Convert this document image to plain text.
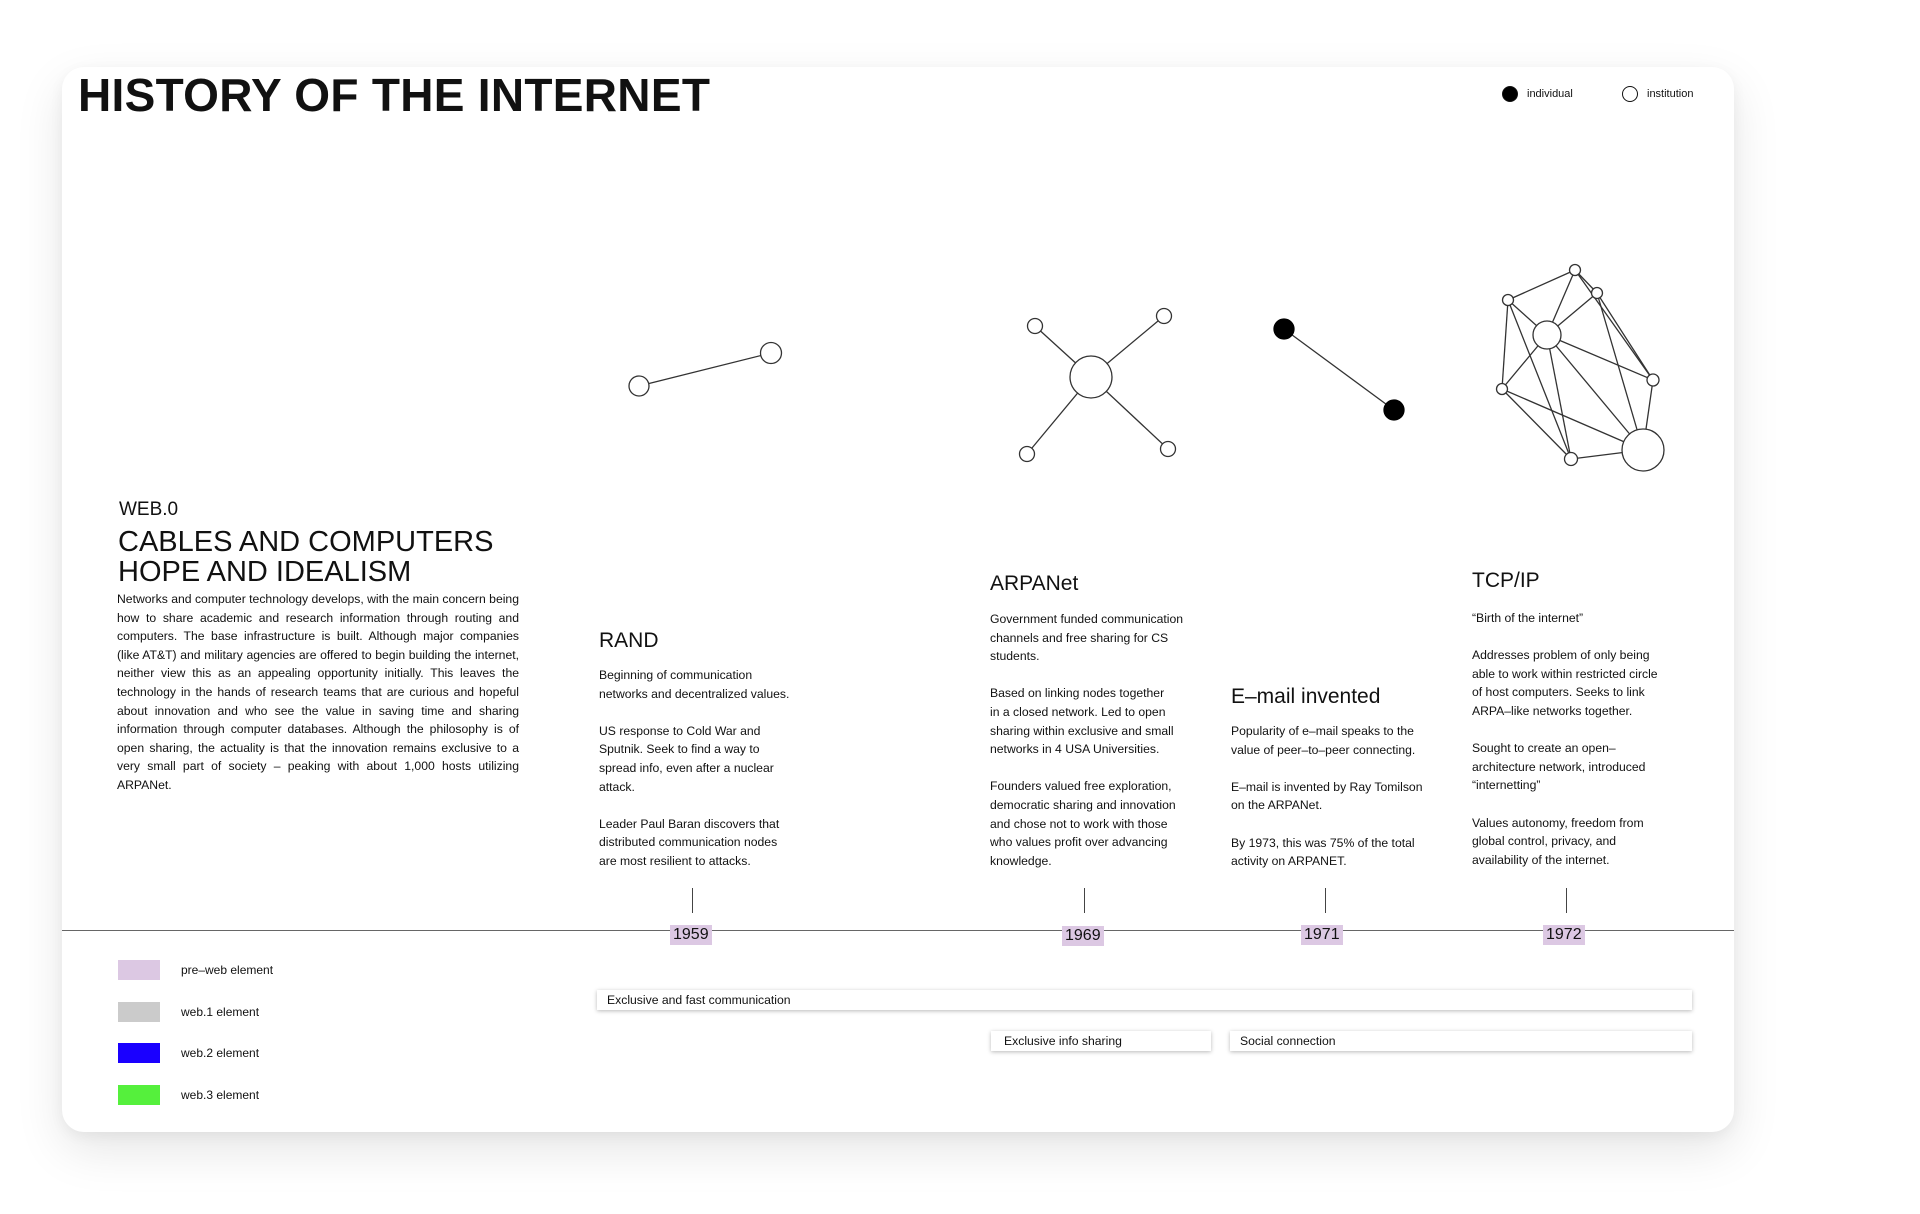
HISTORY OF THE INTERNET	individual	institution
WEB.0
CABLES AND COMPUTERS HOPE AND IDEALISM
Networks and computer technology develops, with the main concern being how to share academic and research information through routing and computers. The base infrastructure is built. Although major companies (like AT&T) and military agencies are offered to begin building the internet, neither view this as an appealing opportunity initially. This leaves the technology in the hands of research teams that are curious and hopeful about innovation and who see the value in saving time and sharing information through computer databases. Although the philosophy is of open sharing, the actuality is that the innovation remains exclusive to a very small part of society – peaking with about 1,000 hosts utilizing ARPANet.
RAND
Beginning of communication
networks and decentralized values.

US response to Cold War and
Sputnik. Seek to find a way to
spread info, even after a nuclear
attack.

Leader Paul Baran discovers that
distributed communication nodes
are most resilient to attacks.
ARPANet
Government funded communication
channels and free sharing for CS
students.

Based on linking nodes together
in a closed network. Led to open
sharing within exclusive and small
networks in 4 USA Universities.

Founders valued free exploration,
democratic sharing and innovation
and chose not to work with those
who values profit over advancing
knowledge.
E–mail invented
Popularity of e–mail speaks to the
value of peer–to–peer connecting.

E–mail is invented by Ray Tomilson
on the ARPANet.

By 1973, this was 75% of the total
activity on ARPANET.
TCP/IP
“Birth of the internet”

Addresses problem of only being
able to work within restricted circle
of host computers. Seeks to link
ARPA–like networks together.

Sought to create an open–
architecture network, introduced
“internetting”

Values autonomy, freedom from
global control, privacy, and
availability of the internet.
1959	1969	1971	1972
pre–web element
web.1 element
web.2 element
web.3 element
Exclusive and fast communication
Exclusive info sharing	Social connection
